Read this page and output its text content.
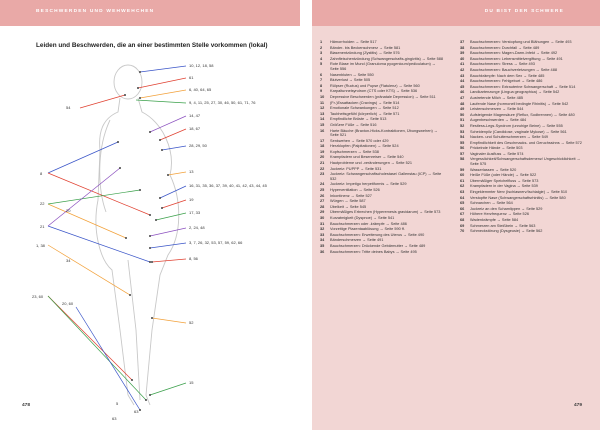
BESCHWERDEN UND WEHWEHCHEN	DU BIST DER SCHWERE
Leiden und Beschwerden, die an einer bestimmten Stelle vorkommen (lokal)
10, 12, 18, 58
61
6, 40, 64, 65
9, 4, 11, 25, 27, 30, 46, 50, 61, 71, 76
14, 47
18, 67
28, 29, 50
13
16, 31, 35, 36, 37, 39, 40, 41, 42, 43, 44, 45
19
17, 33
2, 24, 48
3, 7, 26, 32, 53, 57, 59, 62, 66
8, 56
52
15
63
54
8
22
20
21
1, 38
34
23, 60
20, 60
5
63
1	Hämorrhoiden → Seite 517
2	Bänder- bis Beckenschmerz → Seite 581
3	Blasenentzündung (Zystitis) → Seite 576
4	Zahnfleischentzündung (Schwangerschafts-gingivitis) → Seite 588
5	Rote Blase im Mund (Granuloma pyogenicum/pediculatum) → Seite 556
6	Nasenbluten → Seite 550
7	Blutverlust → Seite 505
8	Rülpser (Ructus) und Pupse (Flatulenz) → Seite 560
9	Karpaltunnelsyndrom (CTS oder KTS) → Seite 536
10	Depressive Beschwerden (pränatale Depression) → Seite 511
11	(Fr-)Essattacken (Cravings) → Seite 514
12	Emotionale Schwankungen → Seite 512
13	Taubheitsgefühl (körperlich) → Seite 571
14	Empfindliche Brüste → Seite 513
15	Größere Füße → Seite 516
16	Harte Bäuche (Braxton-Hicks-Kontraktionen, Übungswehen) → Seite 521
17	Senkwehen → Seite 570 oder 429
18	Herzklopfen (Palpitationen) → Seite 524
19	Kopfschmerzen → Seite 538
20	Krampfadern und Besenreiser → Seite 540
21	Hautprobleme und -veränderungen → Seite 521
22	Juckreiz: PUPPP → Seite 531
23	Juckreiz: Schwangerschaftscholestase/ Gallenstau (ICP) → Seite 532
24	Juckreiz: Impetigo herpetiformis → Seite 529
25	Hyperventilation → Seite 526
26	Inkontinenz → Seite 527
27	Würgen → Seite 587
28	Übelkeit → Seite 545
29	Übermäßiges Erbrechen (Hyperemesis gravidarum) → Seite 573
30	Kurzatmigkeit (Dyspnoe) → Seite 541
31	Bauchschmerzen oder -krämpfe → Seite 486
32	Vorzeitige Plazentaablösung → Seite 590 ff.
33	Bauchschmerzen: Erweiterung des Uterus → Seite 490
34	Bänderschmerzen → Seite 491
35	Bauchschmerzen: Drückende Gebärmutter → Seite 489
36	Bauchschmerzen: Tritte deines Babys → Seite 495
37	Bauchschmerzen: Verstopfung und Blähungen → Seite 493
38	Bauchschmerzen: Durchfall → Seite 489
39	Bauchschmerzen: Magen-Darm-Infekt → Seite 492
40	Bauchschmerzen: Lebensmittelvergiftung → Seite 491
41	Bauchschmerzen: Stress → Seite 493
42	Bauchschmerzen: Bauchverletzungen → Seite 488
43	Bauchkrämpfe: Nach dem Sex → Seite 485
44	Bauchschmerzen: Fehlgeburt → Seite 486
45	Bauchschmerzen: Extrauterine Schwangerschaft → Seite 514
46	Landkartenzunge (Lingua geographica) → Seite 542
47	Austretende Milch → Seite 485
48	Laufende Nase (hormonell bedingte Rhinitis) → Seite 542
49	Leistenschmerzen → Seite 544
50	Aufsteigende Magensäure (Reflux, Sodbrennen) → Seite 480
51	Augenbeschwerden → Seite 484
52	Restless-Legs-Syndrom (unruhige Beine) → Seite 555
53	Scheidenpilz (Candidose, vaginale Mykose) → Seite 561
54	Nacken- und Schulterschmerzen → Seite 549
55	Empfindlichkeit des Geschmacks- und Geruchssinns → Seite 572
56	Prickelnde Hände → Seite 503
57	Vaginaler Ausfluss → Seite 574
58	Vergesslichkeit/Schwangerschaftsdemenz/ Ungeschicklichkeit → Seite 575
59	Wasserlassen → Seite 520
60	Heiße Füße (oder Hände) → Seite 522
61	Übermäßiger Speichelfluss → Seite 573
62	Krampfadern in der Vagina → Seite 539
63	Eingeklemmter Nerv (Ischiasnerv/Ischialgie) → Seite 510
64	Verstopfte Nase (Schwangerschaftsrhinitis) → Seite 580
65	Schnarchen → Seite 564
66	Juckreiz an den Schamlippen → Seite 529
67	Höhere Herzfrequenz → Seite 526
68	Wadenkrämpfe → Seite 584
69	Schmerzen am Steißbein → Seite 563
70	Schmeckstörung (Dysgeusie) → Seite 562
478	479
